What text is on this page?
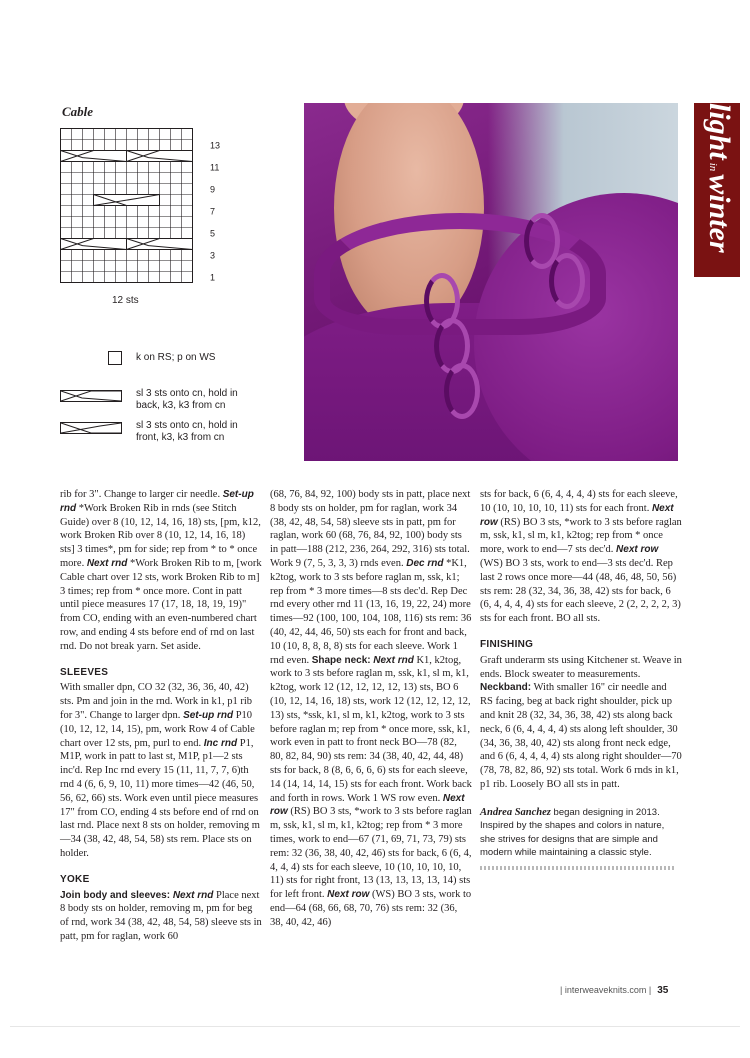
Cable
13
11
9
7
5
3
1
12 sts
k on RS; p on WS
sl 3 sts onto cn, hold in back, k3, k3 from cn
sl 3 sts onto cn, hold in front, k3, k3 from cn
lightinwinter

rib for 3". Change to larger cir needle. Set-up rnd *Work Broken Rib in rnds (see Stitch Guide) over 8 (10, 12, 14, 16, 18) sts, [pm, k12, work Broken Rib over 8 (10, 12, 14, 16, 18) sts] 3 times*, pm for side; rep from * to * once more. Next rnd *Work Broken Rib to m, [work Cable chart over 12 sts, work Broken Rib to m] 3 times; rep from * once more. Cont in patt until piece measures 17 (17, 18, 18, 19, 19)" from CO, ending with an even-numbered chart row, and ending 4 sts before end of rnd on last rnd. Do not break yarn. Set aside.

SLEEVES

With smaller dpn, CO 32 (32, 36, 36, 40, 42) sts. Pm and join in the rnd. Work in k1, p1 rib for 3". Change to larger dpn. Set-up rnd P10 (10, 12, 12, 14, 15), pm, work Row 4 of Cable chart over 12 sts, pm, purl to end. Inc rnd P1, M1P, work in patt to last st, M1P, p1—2 sts inc'd. Rep Inc rnd every 15 (11, 11, 7, 7, 6)th rnd 4 (6, 6, 9, 10, 11) more times—42 (46, 50, 56, 62, 66) sts. Work even until piece measures 17" from CO, ending 4 sts before end of rnd on last rnd. Place next 8 sts on holder, removing m—34 (38, 42, 48, 54, 58) sts rem. Place sts on holder.

YOKE

Join body and sleeves: Next rnd Place next 8 body sts on holder, removing m, pm for beg of rnd, work 34 (38, 42, 48, 54, 58) sleeve sts in patt, pm for raglan, work 60

(68, 76, 84, 92, 100) body sts in patt, place next 8 body sts on holder, pm for raglan, work 34 (38, 42, 48, 54, 58) sleeve sts in patt, pm for raglan, work 60 (68, 76, 84, 92, 100) body sts in patt—188 (212, 236, 264, 292, 316) sts total. Work 9 (7, 5, 3, 3, 3) rnds even. Dec rnd *K1, k2tog, work to 3 sts before raglan m, ssk, k1; rep from * 3 more times—8 sts dec'd. Rep Dec rnd every other rnd 11 (13, 16, 19, 22, 24) more times—92 (100, 100, 104, 108, 116) sts rem: 36 (40, 42, 44, 46, 50) sts each for front and back, 10 (10, 8, 8, 8, 8) sts for each sleeve. Work 1 rnd even. Shape neck: Next rnd K1, k2tog, work to 3 sts before raglan m, ssk, k1, sl m, k1, k2tog, work 12 (12, 12, 12, 12, 13) sts, BO 6 (10, 12, 14, 16, 18) sts, work 12 (12, 12, 12, 12, 13) sts, *ssk, k1, sl m, k1, k2tog, work to 3 sts before raglan m; rep from * once more, ssk, k1, work even in patt to front neck BO—78 (82, 80, 82, 84, 90) sts rem: 34 (38, 40, 42, 44, 48) sts for back, 8 (8, 6, 6, 6, 6) sts for each sleeve, 14 (14, 14, 14, 15) sts for each front. Work back and forth in rows. Work 1 WS row even. Next row (RS) BO 3 sts, *work to 3 sts before raglan m, ssk, k1, sl m, k1, k2tog; rep from * 3 more times, work to end—67 (71, 69, 71, 73, 79) sts rem: 32 (36, 38, 40, 42, 46) sts for back, 6 (6, 4, 4, 4, 4) sts for each sleeve, 10 (10, 10, 10, 10, 11) sts for right front, 13 (13, 13, 13, 13, 14) sts for left front. Next row (WS) BO 3 sts, work to end—64 (68, 66, 68, 70, 76) sts rem: 32 (36, 38, 40, 42, 46)

sts for back, 6 (6, 4, 4, 4, 4) sts for each sleeve, 10 (10, 10, 10, 10, 11) sts for each front. Next row (RS) BO 3 sts, *work to 3 sts before raglan m, ssk, k1, sl m, k1, k2tog; rep from * once more, work to end—7 sts dec'd. Next row (WS) BO 3 sts, work to end—3 sts dec'd. Rep last 2 rows once more—44 (48, 46, 48, 50, 56) sts rem: 28 (32, 34, 36, 38, 42) sts for back, 6 (6, 4, 4, 4, 4) sts for each sleeve, 2 (2, 2, 2, 2, 3) sts for each front. BO all sts.

FINISHING

Graft underarm sts using Kitchener st. Weave in ends. Block sweater to measurements. Neckband: With smaller 16" cir needle and RS facing, beg at back right shoulder, pick up and knit 28 (32, 34, 36, 38, 42) sts along back neck, 6 (6, 4, 4, 4, 4) sts along left shoulder, 30 (34, 36, 38, 40, 42) sts along front neck edge, and 6 (6, 4, 4, 4, 4) sts along right shoulder—70 (78, 78, 82, 86, 92) sts total. Work 6 rnds in k1, p1 rib. Loosely BO all sts in patt.

Andrea Sanchez began designing in 2013. Inspired by the shapes and colors in nature, she strives for designs that are simple and modern while maintaining a classic style.

| interweaveknits.com | 35
